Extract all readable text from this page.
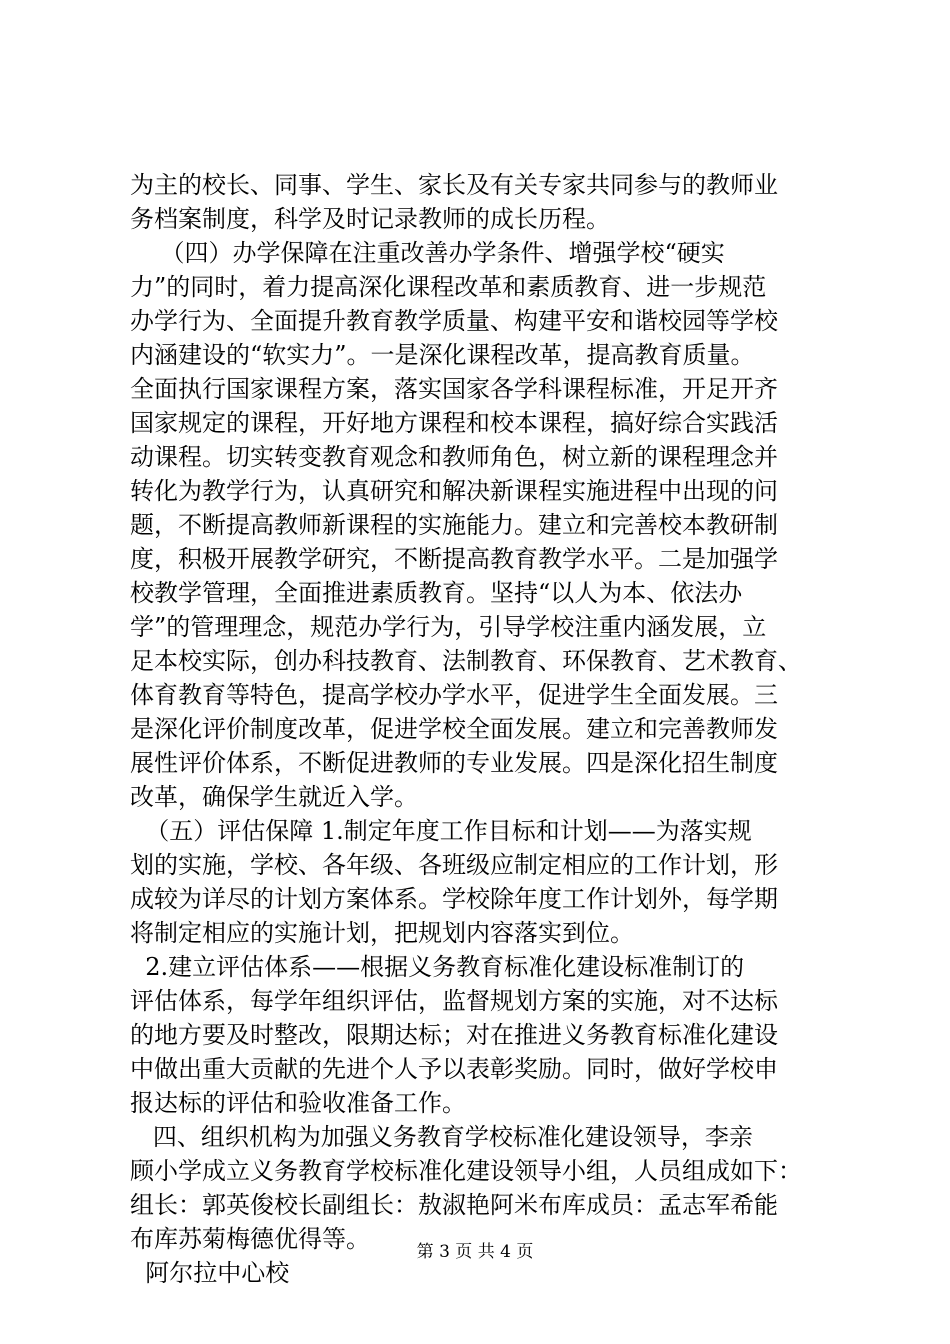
为主的校长、同事、学生、家长及有关专家共同参与的教师业
务档案制度，科学及时记录教师的成长历程。
（四）办学保障在注重改善办学条件、增强学校“硬实
力”的同时，着力提高深化课程改革和素质教育、进一步规范
办学行为、全面提升教育教学质量、构建平安和谐校园等学校
内涵建设的“软实力”。一是深化课程改革，提高教育质量。
全面执行国家课程方案，落实国家各学科课程标准，开足开齐
国家规定的课程，开好地方课程和校本课程，搞好综合实践活
动课程。切实转变教育观念和教师角色，树立新的课程理念并
转化为教学行为，认真研究和解决新课程实施进程中出现的问
题，不断提高教师新课程的实施能力。建立和完善校本教研制
度，积极开展教学研究，不断提高教育教学水平。二是加强学
校教学管理，全面推进素质教育。坚持“以人为本、依法办
学”的管理理念，规范办学行为，引导学校注重内涵发展，立
足本校实际，创办科技教育、法制教育、环保教育、艺术教育、
体育教育等特色，提高学校办学水平，促进学生全面发展。三
是深化评价制度改革，促进学校全面发展。建立和完善教师发
展性评价体系，不断促进教师的专业发展。四是深化招生制度
改革，确保学生就近入学。
（五）评估保障 1.制定年度工作目标和计划——为落实规
划的实施，学校、各年级、各班级应制定相应的工作计划，形
成较为详尽的计划方案体系。学校除年度工作计划外，每学期
将制定相应的实施计划，把规划内容落实到位。
2.建立评估体系——根据义务教育标准化建设标准制订的
评估体系，每学年组织评估，监督规划方案的实施，对不达标
的地方要及时整改，限期达标；对在推进义务教育标准化建设
中做出重大贡献的先进个人予以表彰奖励。同时，做好学校申
报达标的评估和验收准备工作。
四、组织机构为加强义务教育学校标准化建设领导，李亲
顾小学成立义务教育学校标准化建设领导小组，人员组成如下：
组长：郭英俊校长副组长：敖淑艳阿米布库成员：孟志军希能
布库苏菊梅德优得等。
阿尔拉中心校
第 3 页 共 4 页
